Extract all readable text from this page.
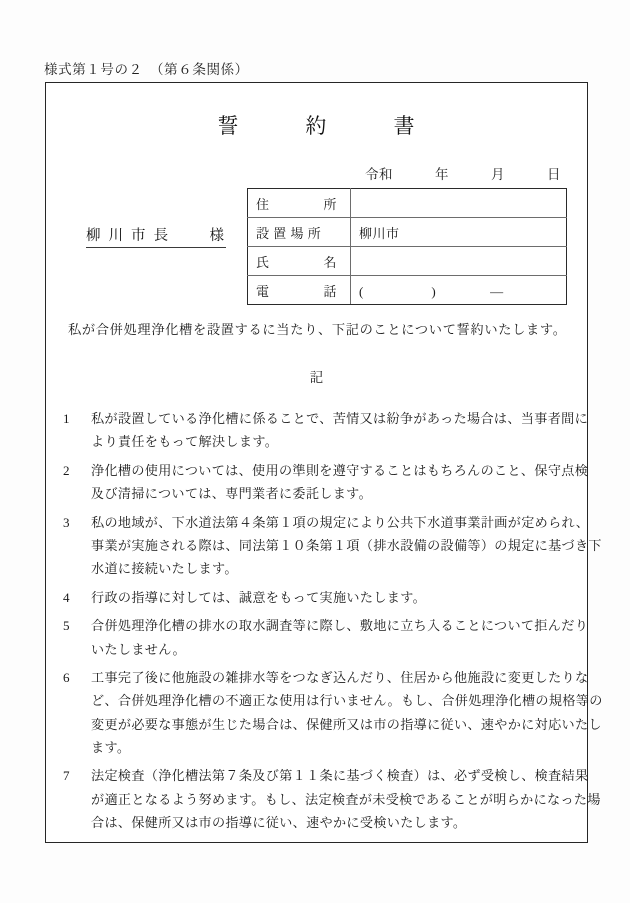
様式第１号の２　（第６条関係）
誓　　　約　　　書
令和　　　年　　　月　　　日
柳 川 市 長 　　様
住　　　　所	
設 置 場 所	柳川市
氏　　　　名	
電　　　　話	(　　　　　)　　　　—
私が合併処理浄化槽を設置するに当たり、下記のことについて誓約いたします。
記
1	私が設置している浄化槽に係ることで、苦情又は紛争があった場合は、当事者間に
より責任をもって解決します。
2	浄化槽の使用については、使用の準則を遵守することはもちろんのこと、保守点検
及び清掃については、専門業者に委託します。
3	私の地域が、下水道法第４条第１項の規定により公共下水道事業計画が定められ、
事業が実施される際は、同法第１０条第１項（排水設備の設備等）の規定に基づき下
水道に接続いたします。
4	行政の指導に対しては、誠意をもって実施いたします。
5	合併処理浄化槽の排水の取水調査等に際し、敷地に立ち入ることについて拒んだり
いたしません。
6	工事完了後に他施設の雑排水等をつなぎ込んだり、住居から他施設に変更したりな
ど、合併処理浄化槽の不適正な使用は行いません。もし、合併処理浄化槽の規格等の
変更が必要な事態が生じた場合は、保健所又は市の指導に従い、速やかに対応いたし
ます。
7	法定検査（浄化槽法第７条及び第１１条に基づく検査）は、必ず受検し、検査結果
が適正となるよう努めます。もし、法定検査が未受検であることが明らかになった場
合は、保健所又は市の指導に従い、速やかに受検いたします。
